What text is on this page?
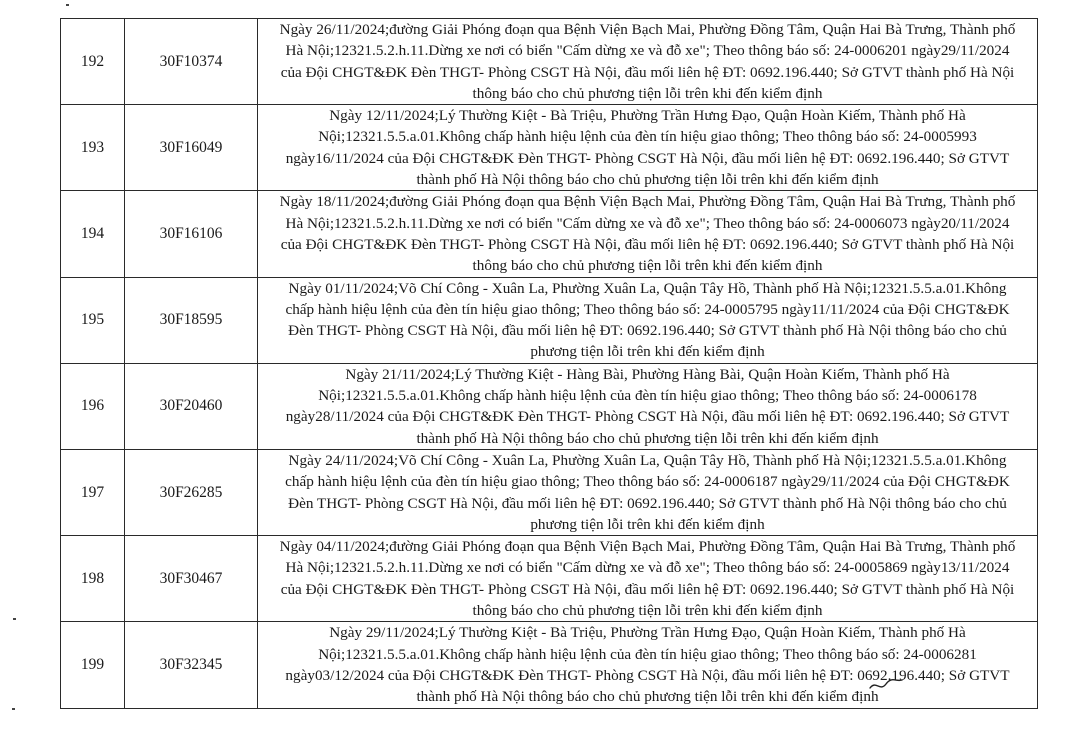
192	30F10374	Ngày 26/11/2024;đường Giải Phóng đoạn qua Bệnh Viện Bạch Mai, Phường Đồng Tâm, Quận Hai Bà Trưng, Thành phố
Hà Nội;12321.5.2.h.11.Dừng xe nơi có biển "Cấm dừng xe và đỗ xe"; Theo thông báo số: 24-0006201 ngày29/11/2024
của Đội CHGT&ĐK Đèn THGT- Phòng CSGT Hà Nội, đầu mối liên hệ ĐT: 0692.196.440; Sở GTVT thành phố Hà Nội
thông báo cho chủ phương tiện lỗi trên khi đến kiểm định

193	30F16049	Ngày 12/11/2024;Lý Thường Kiệt - Bà Triệu, Phường Trần Hưng Đạo, Quận Hoàn Kiếm, Thành phố Hà
Nội;12321.5.5.a.01.Không chấp hành hiệu lệnh của đèn tín hiệu giao thông; Theo thông báo số: 24-0005993
ngày16/11/2024 của Đội CHGT&ĐK Đèn THGT- Phòng CSGT Hà Nội, đầu mối liên hệ ĐT: 0692.196.440; Sở GTVT
thành phố Hà Nội thông báo cho chủ phương tiện lỗi trên khi đến kiểm định

194	30F16106	Ngày 18/11/2024;đường Giải Phóng đoạn qua Bệnh Viện Bạch Mai, Phường Đồng Tâm, Quận Hai Bà Trưng, Thành phố
Hà Nội;12321.5.2.h.11.Dừng xe nơi có biển "Cấm dừng xe và đỗ xe"; Theo thông báo số: 24-0006073 ngày20/11/2024
của Đội CHGT&ĐK Đèn THGT- Phòng CSGT Hà Nội, đầu mối liên hệ ĐT: 0692.196.440; Sở GTVT thành phố Hà Nội
thông báo cho chủ phương tiện lỗi trên khi đến kiểm định

195	30F18595	Ngày 01/11/2024;Võ Chí Công - Xuân La, Phường Xuân La, Quận Tây Hồ, Thành phố Hà Nội;12321.5.5.a.01.Không
chấp hành hiệu lệnh của đèn tín hiệu giao thông; Theo thông báo số: 24-0005795 ngày11/11/2024 của Đội CHGT&ĐK
Đèn THGT- Phòng CSGT Hà Nội, đầu mối liên hệ ĐT: 0692.196.440; Sở GTVT thành phố Hà Nội thông báo cho chủ
phương tiện lỗi trên khi đến kiểm định

196	30F20460	Ngày 21/11/2024;Lý Thường Kiệt - Hàng Bài, Phường Hàng Bài, Quận Hoàn Kiếm, Thành phố Hà
Nội;12321.5.5.a.01.Không chấp hành hiệu lệnh của đèn tín hiệu giao thông; Theo thông báo số: 24-0006178
ngày28/11/2024 của Đội CHGT&ĐK Đèn THGT- Phòng CSGT Hà Nội, đầu mối liên hệ ĐT: 0692.196.440; Sở GTVT
thành phố Hà Nội thông báo cho chủ phương tiện lỗi trên khi đến kiểm định

197	30F26285	Ngày 24/11/2024;Võ Chí Công - Xuân La, Phường Xuân La, Quận Tây Hồ, Thành phố Hà Nội;12321.5.5.a.01.Không
chấp hành hiệu lệnh của đèn tín hiệu giao thông; Theo thông báo số: 24-0006187 ngày29/11/2024 của Đội CHGT&ĐK
Đèn THGT- Phòng CSGT Hà Nội, đầu mối liên hệ ĐT: 0692.196.440; Sở GTVT thành phố Hà Nội thông báo cho chủ
phương tiện lỗi trên khi đến kiểm định

198	30F30467	Ngày 04/11/2024;đường Giải Phóng đoạn qua Bệnh Viện Bạch Mai, Phường Đồng Tâm, Quận Hai Bà Trưng, Thành phố
Hà Nội;12321.5.2.h.11.Dừng xe nơi có biển "Cấm dừng xe và đỗ xe"; Theo thông báo số: 24-0005869 ngày13/11/2024
của Đội CHGT&ĐK Đèn THGT- Phòng CSGT Hà Nội, đầu mối liên hệ ĐT: 0692.196.440; Sở GTVT thành phố Hà Nội
thông báo cho chủ phương tiện lỗi trên khi đến kiểm định

199	30F32345	Ngày 29/11/2024;Lý Thường Kiệt - Bà Triệu, Phường Trần Hưng Đạo, Quận Hoàn Kiếm, Thành phố Hà
Nội;12321.5.5.a.01.Không chấp hành hiệu lệnh của đèn tín hiệu giao thông; Theo thông báo số: 24-0006281
ngày03/12/2024 của Đội CHGT&ĐK Đèn THGT- Phòng CSGT Hà Nội, đầu mối liên hệ ĐT: 0692.196.440; Sở GTVT
thành phố Hà Nội thông báo cho chủ phương tiện lỗi trên khi đến kiểm định
